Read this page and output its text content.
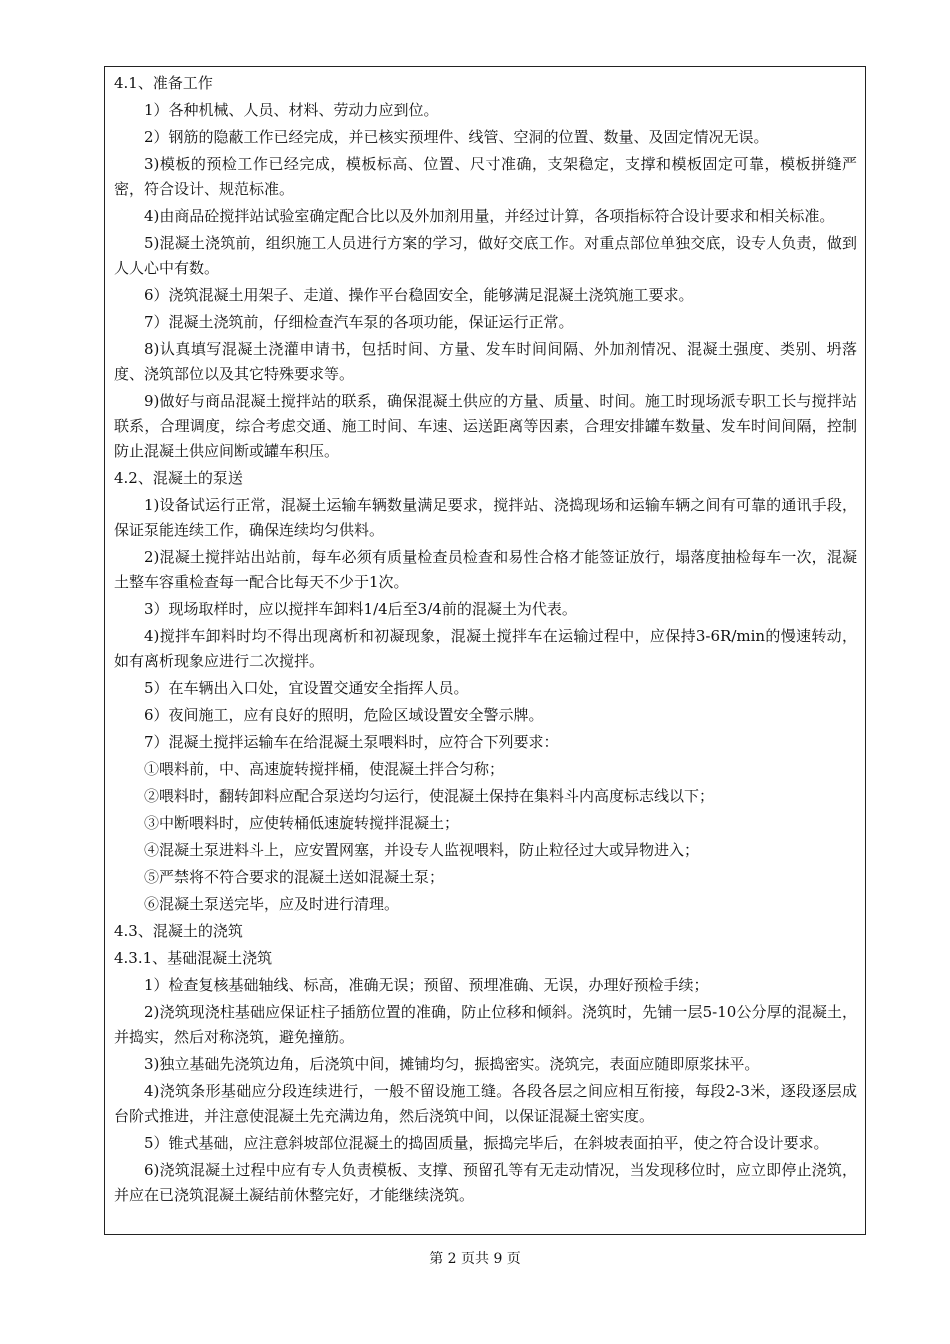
4.1、准备工作

1）各种机械、人员、材料、劳动力应到位。

2）钢筋的隐蔽工作已经完成，并已核实预埋件、线管、空洞的位置、数量、及固定情况无误。

3)模板的预检工作已经完成，模板标高、位置、尺寸准确，支架稳定，支撑和模板固定可靠，模板拼缝严密，符合设计、规范标准。

4)由商品砼搅拌站试验室确定配合比以及外加剂用量，并经过计算，各项指标符合设计要求和相关标准。

5)混凝土浇筑前，组织施工人员进行方案的学习，做好交底工作。对重点部位单独交底，设专人负责，做到人人心中有数。

6）浇筑混凝土用架子、走道、操作平台稳固安全，能够满足混凝土浇筑施工要求。

7）混凝土浇筑前，仔细检查汽车泵的各项功能，保证运行正常。

8)认真填写混凝土浇灌申请书，包括时间、方量、发车时间间隔、外加剂情况、混凝土强度、类别、坍落度、浇筑部位以及其它特殊要求等。

9)做好与商品混凝土搅拌站的联系，确保混凝土供应的方量、质量、时间。施工时现场派专职工长与搅拌站联系，合理调度，综合考虑交通、施工时间、车速、运送距离等因素，合理安排罐车数量、发车时间间隔，控制防止混凝土供应间断或罐车积压。

4.2、混凝土的泵送

1)设备试运行正常，混凝土运输车辆数量满足要求，搅拌站、浇捣现场和运输车辆之间有可靠的通讯手段，保证泵能连续工作，确保连续均匀供料。

2)混凝土搅拌站出站前，每车必须有质量检查员检查和易性合格才能签证放行，塌落度抽检每车一次，混凝土整车容重检查每一配合比每天不少于1次。

3）现场取样时，应以搅拌车卸料1/4后至3/4前的混凝土为代表。

4)搅拌车卸料时均不得出现离析和初凝现象，混凝土搅拌车在运输过程中，应保持3-6R/min的慢速转动，如有离析现象应进行二次搅拌。

5）在车辆出入口处，宜设置交通安全指挥人员。

6）夜间施工，应有良好的照明，危险区域设置安全警示牌。

7）混凝土搅拌运输车在给混凝土泵喂料时，应符合下列要求：

①喂料前，中、高速旋转搅拌桶，使混凝土拌合匀称；

②喂料时，翻转卸料应配合泵送均匀运行，使混凝土保持在集料斗内高度标志线以下；

③中断喂料时，应使转桶低速旋转搅拌混凝土；

④混凝土泵进料斗上，应安置网塞，并设专人监视喂料，防止粒径过大或异物进入；

⑤严禁将不符合要求的混凝土送如混凝土泵；

⑥混凝土泵送完毕，应及时进行清理。

4.3、混凝土的浇筑

4.3.1、基础混凝土浇筑

1）检查复核基础轴线、标高，准确无误；预留、预埋准确、无误，办理好预检手续；

2)浇筑现浇柱基础应保证柱子插筋位置的准确，防止位移和倾斜。浇筑时，先铺一层5-10公分厚的混凝土，并捣实，然后对称浇筑，避免撞筋。

3)独立基础先浇筑边角，后浇筑中间，摊铺均匀，振捣密实。浇筑完，表面应随即原浆抹平。

4)浇筑条形基础应分段连续进行，一般不留设施工缝。各段各层之间应相互衔接，每段2-3米，逐段逐层成台阶式推进，并注意使混凝土先充满边角，然后浇筑中间，以保证混凝土密实度。

5）锥式基础，应注意斜坡部位混凝土的捣固质量，振捣完毕后，在斜坡表面拍平，使之符合设计要求。

6)浇筑混凝土过程中应有专人负责模板、支撑、预留孔等有无走动情况，当发现移位时，应立即停止浇筑，并应在已浇筑混凝土凝结前休整完好，才能继续浇筑。

第 2 页共 9 页
